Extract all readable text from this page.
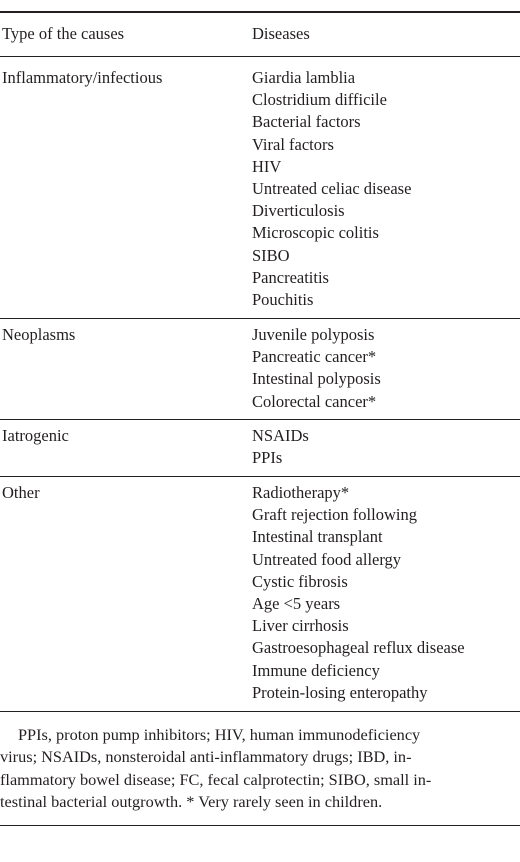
Type of the causes	Diseases
Inflammatory/infectious	Giardia lamblia
Clostridium difficile
Bacterial factors
Viral factors
HIV
Untreated celiac disease
Diverticulosis
Microscopic colitis
SIBO
Pancreatitis
Pouchitis
Neoplasms	Juvenile polyposis
Pancreatic cancer*
Intestinal polyposis
Colorectal cancer*
Iatrogenic	NSAIDs
PPIs
Other	Radiotherapy*
Graft rejection following
Intestinal transplant
Untreated food allergy
Cystic fibrosis
Age <5 years
Liver cirrhosis
Gastroesophageal reflux disease
Immune deficiency
Protein-losing enteropathy
PPIs, proton pump inhibitors; HIV, human immunodeficiency
virus; NSAIDs, nonsteroidal anti-inflammatory drugs; IBD, in-
flammatory bowel disease; FC, fecal calprotectin; SIBO, small in-
testinal bacterial outgrowth. * Very rarely seen in children.
